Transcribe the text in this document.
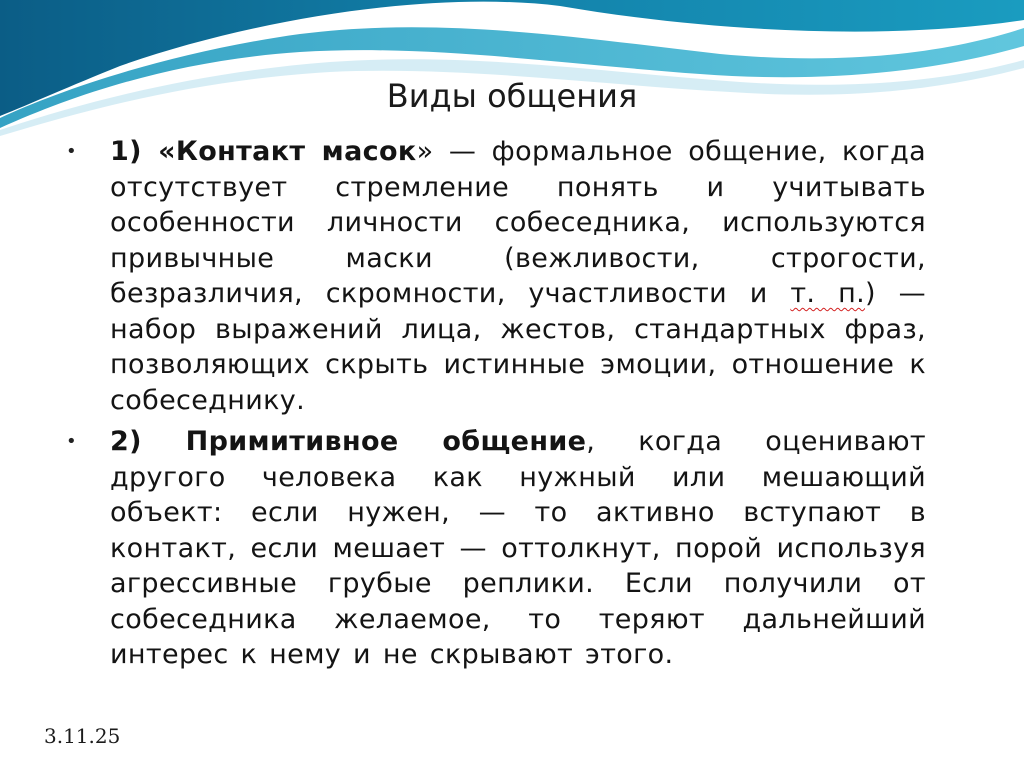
Виды общения
• 1) «Контакт масок» — формальное общение, когда отсутствует стремление понять и учитывать особенности личности собеседника, используются привычные маски (вежливости, строгости, безразличия, скромности, участливости и т. п.) — набор выражений лица, жестов, стандартных фраз, позволяющих скрыть истинные эмоции, отношение к собеседнику.
• 2) Примитивное общение, когда оценивают другого человека как нужный или мешающий объект: если нужен, — то активно вступают в контакт, если мешает — оттолкнут, порой используя агрессивные грубые реплики. Если получили от собеседника желаемое, то теряют дальнейший интерес к нему и не скрывают этого.
3.11.25
